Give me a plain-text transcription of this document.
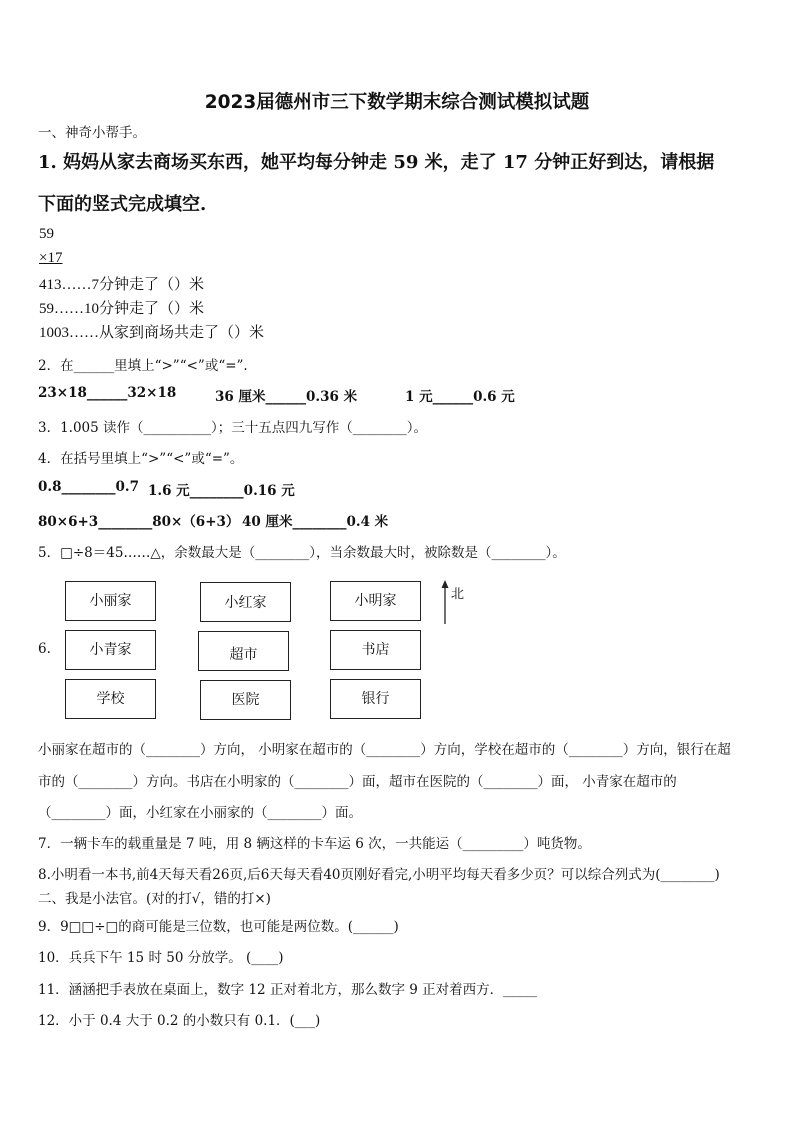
2023届德州市三下数学期末综合测试模拟试题
一、神奇小帮手。
1. 妈妈从家去商场买东西，她平均每分钟走 59 米，走了 17 分钟正好到达，请根据
下面的竖式完成填空.
59
×17
413……7分钟走了（）米
59……10分钟走了（）米
1003……从家到商场共走了（）米
2．在______里填上“>”“<”或“=”.
23×18______32×18	36 厘米______0.36 米	1 元______0.6 元
3．1.005 读作（__________）；三十五点四九写作（________）。
4．在括号里填上“>”“<”或“=”。
0.8________0.7 1.6 元________0.16 元
80×6+3________80×（6+3） 40 厘米________0.4 米
5．□÷8＝45……△，余数最大是（________），当余数最大时，被除数是（________）。
6.
小丽家	小红家	小明家
小青家	超市	书店
学校	医院	银行
北
小丽家在超市的（________）方向， 小明家在超市的（________）方向，学校在超市的（________）方向，银行在超
市的（________）方向。书店在小明家的（________）面，超市在医院的（________）面， 小青家在超市的
（________）面，小红家在小丽家的（________）面。
7．一辆卡车的载重量是 7 吨，用 8 辆这样的卡车运 6 次，一共能运（_________）吨货物。
8.小明看一本书,前4天每天看26页,后6天每天看40页刚好看完,小明平均每天看多少页？可以综合列式为(________)
二、我是小法官。(对的打√，错的打×)
9．9□□÷□的商可能是三位数，也可能是两位数。(______)
10．兵兵下午 15 时 50 分放学。 (____)
11．涵涵把手表放在桌面上，数字 12 正对着北方，那么数字 9 正对着西方．_____
12．小于 0.4 大于 0.2 的小数只有 0.1．(___)
